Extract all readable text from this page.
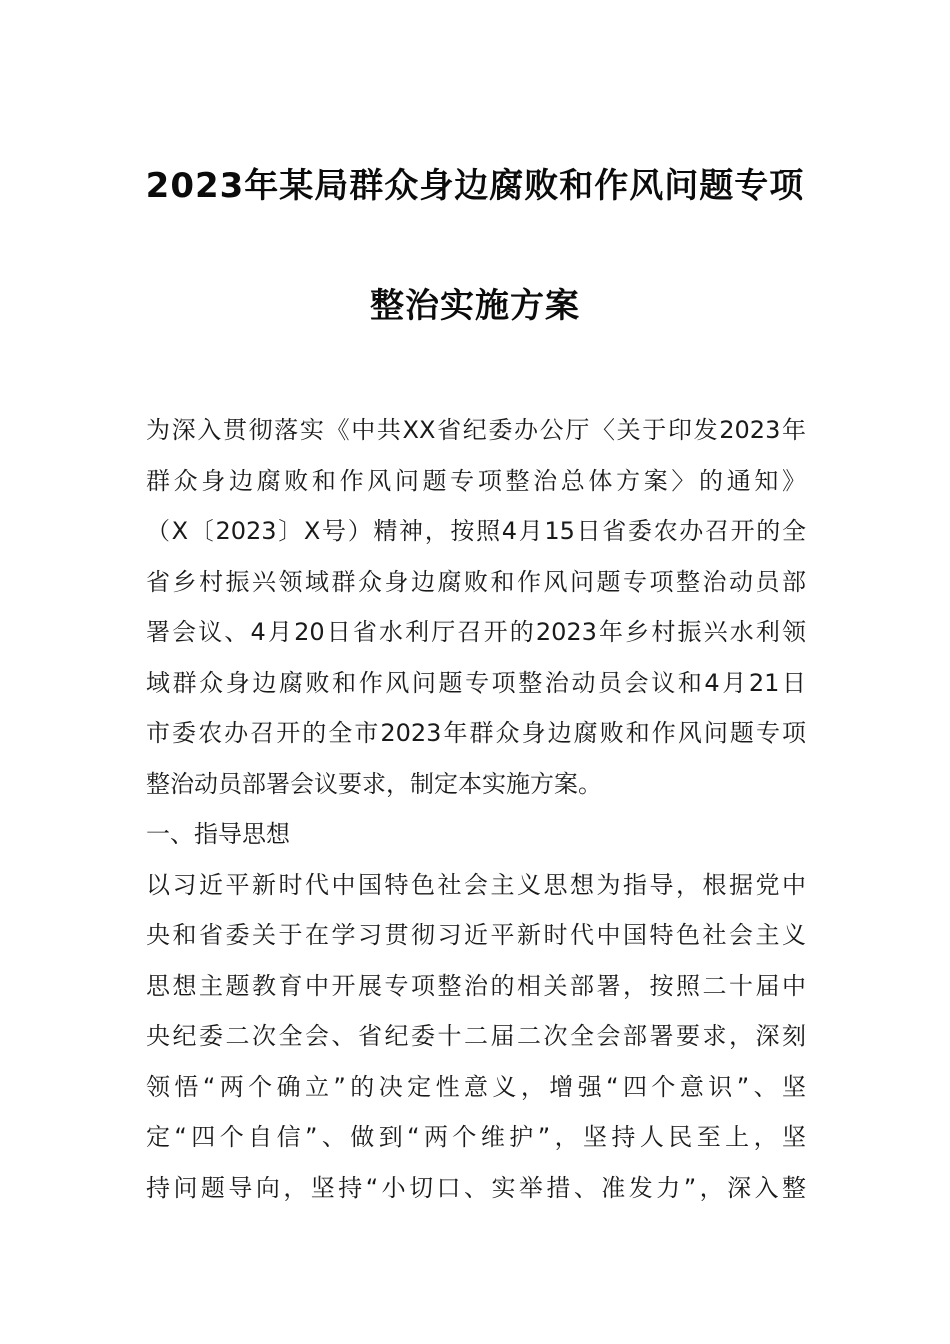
2023年某局群众身边腐败和作风问题专项
整治实施方案
为深入贯彻落实《中共XX省纪委办公厅〈关于印发2023年
群众身边腐败和作风问题专项整治总体方案〉的通知》
（X〔2023〕X号）精神，按照4月15日省委农办召开的全
省乡村振兴领域群众身边腐败和作风问题专项整治动员部
署会议、4月20日省水利厅召开的2023年乡村振兴水利领
域群众身边腐败和作风问题专项整治动员会议和4月21日
市委农办召开的全市2023年群众身边腐败和作风问题专项
整治动员部署会议要求，制定本实施方案。
一、指导思想
以习近平新时代中国特色社会主义思想为指导，根据党中
央和省委关于在学习贯彻习近平新时代中国特色社会主义
思想主题教育中开展专项整治的相关部署，按照二十届中
央纪委二次全会、省纪委十二届二次全会部署要求，深刻
领悟“两个确立”的决定性意义，增强“四个意识”、坚
定“四个自信”、做到“两个维护”，坚持人民至上，坚
持问题导向，坚持“小切口、实举措、准发力”，深入整
